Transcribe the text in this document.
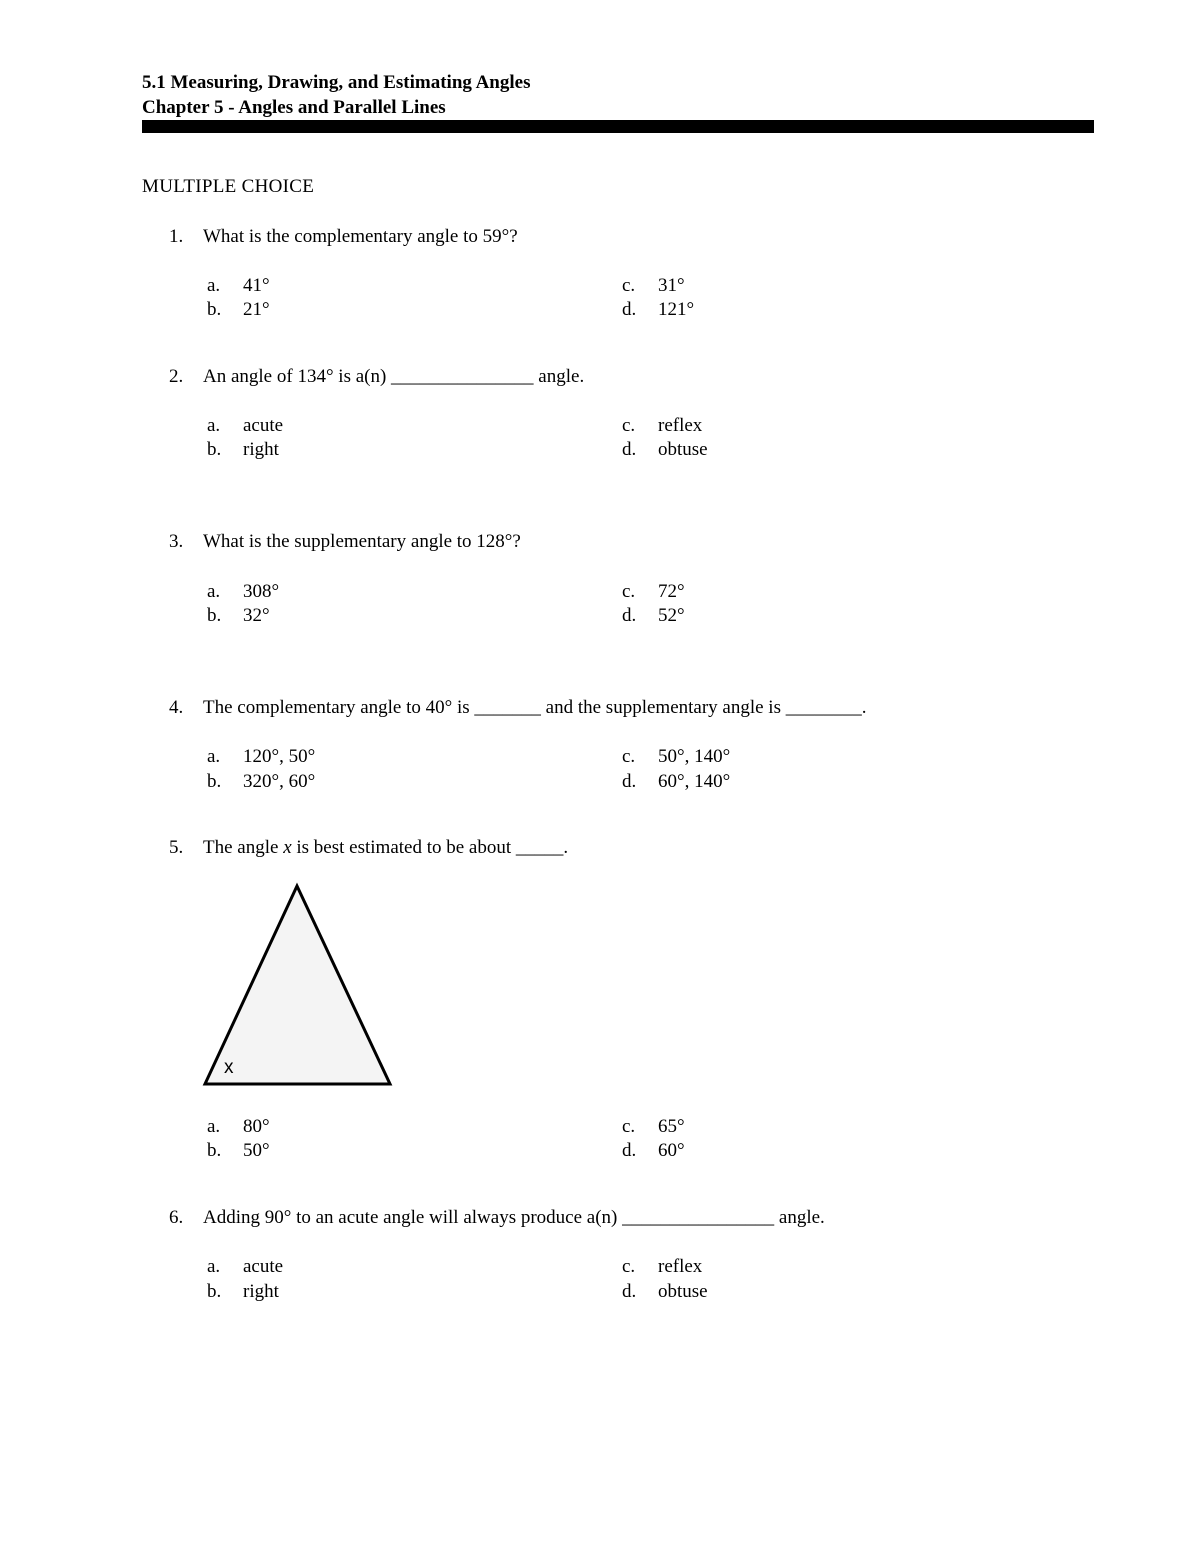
5.1 Measuring, Drawing, and Estimating Angles
Chapter 5 - Angles and Parallel Lines
MULTIPLE CHOICE
1. What is the complementary angle to 59°?
a. 41°
b. 21°
c. 31°
d. 121°
2. An angle of 134° is a(n) _______________ angle.
a. acute
b. right
c. reflex
d. obtuse
3. What is the supplementary angle to 128°?
a. 308°
b. 32°
c. 72°
d. 52°
4. The complementary angle to 40° is _______ and the supplementary angle is ________.
a. 120°, 50°
b. 320°, 60°
c. 50°, 140°
d. 60°, 140°
5. The angle x is best estimated to be about _____.
x
a. 80°
b. 50°
c. 65°
d. 60°
6. Adding 90° to an acute angle will always produce a(n) ________________ angle.
a. acute
b. right
c. reflex
d. obtuse
